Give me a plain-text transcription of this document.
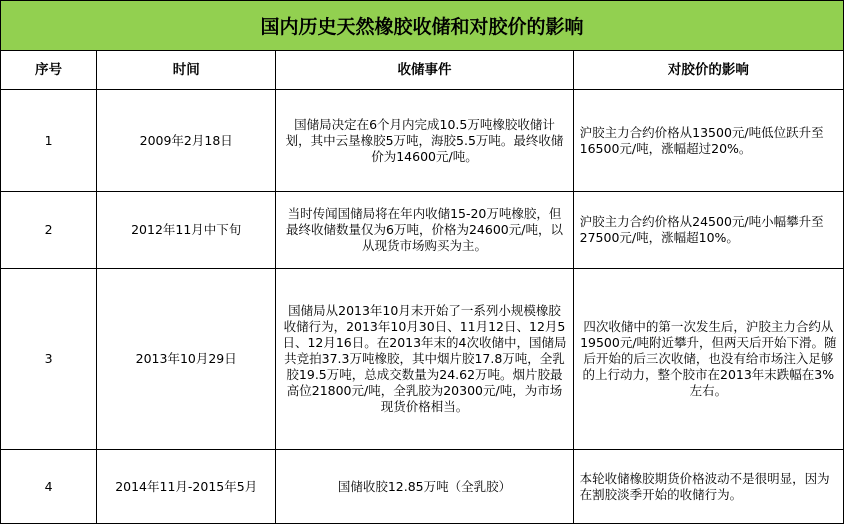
国内历史天然橡胶收储和对胶价的影响
序号	时间	收储事件	对胶价的影响
1	2009年2月18日	国储局决定在6个月内完成10.5万吨橡胶收储计划，其中云垦橡胶5万吨，海胶5.5万吨。最终收储价为14600元/吨。	沪胶主力合约价格从13500元/吨低位跃升至16500元/吨，涨幅超过20%。
2	2012年11月中下旬	当时传闻国储局将在年内收储15-20万吨橡胶，但最终收储数量仅为6万吨，价格为24600元/吨，以从现货市场购买为主。	沪胶主力合约价格从24500元/吨小幅攀升至27500元/吨，涨幅超10%。
3	2013年10月29日	国储局从2013年10月末开始了一系列小规模橡胶收储行为，2013年10月30日、11月12日、12月5日、12月16日。在2013年末的4次收储中，国储局共竞拍37.3万吨橡胶，其中烟片胶17.8万吨，全乳胶19.5万吨，总成交数量为24.62万吨。烟片胶最高位21800元/吨，全乳胶为20300元/吨，为市场现货价格相当。	四次收储中的第一次发生后，沪胶主力合约从19500元/吨附近攀升，但两天后开始下滑。随后开始的后三次收储，也没有给市场注入足够的上行动力，整个胶市在2013年末跌幅在3%左右。
4	2014年11月-2015年5月	国储收胶12.85万吨（全乳胶）	本轮收储橡胶期货价格波动不是很明显，因为在割胶淡季开始的收储行为。
